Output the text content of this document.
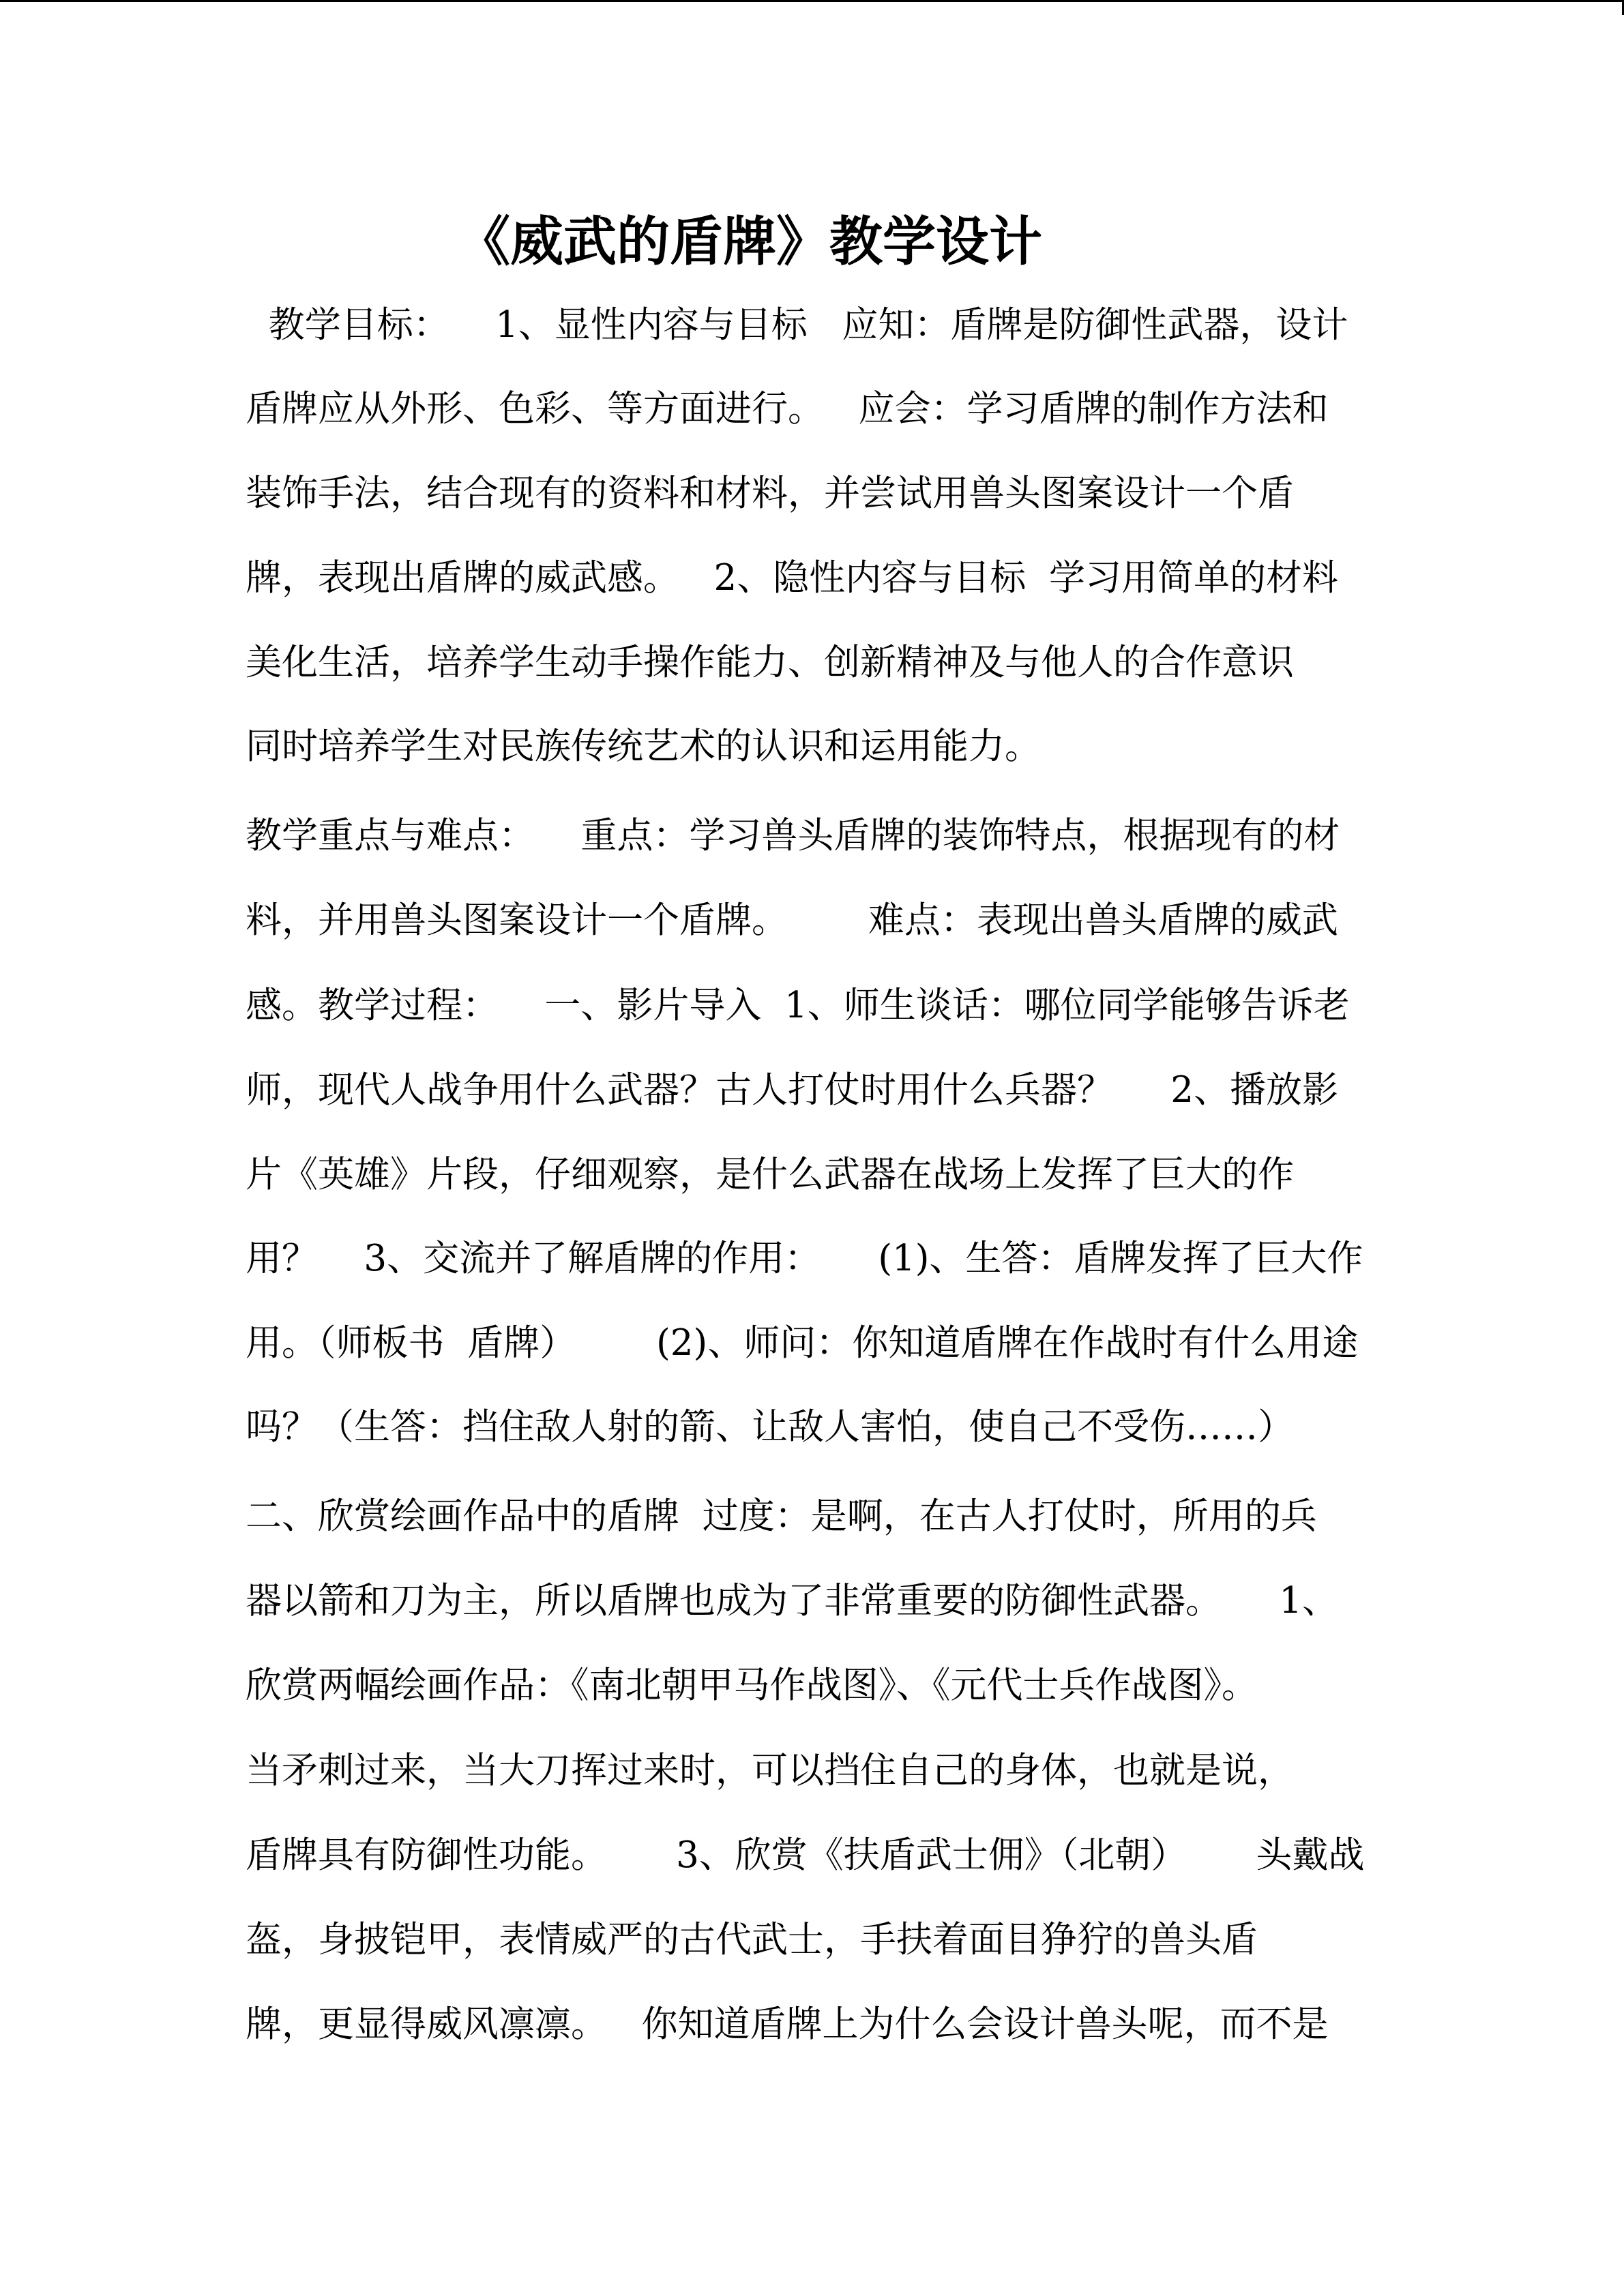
《威武的盾牌》教学设计
教学目标：    1、显性内容与目标   应知：盾牌是防御性武器，设计
盾牌应从外形、色彩、等方面进行。   应会：学习盾牌的制作方法和
装饰手法，结合现有的资料和材料，并尝试用兽头图案设计一个盾
牌，表现出盾牌的威武感。   2、隐性内容与目标  学习用简单的材料
美化生活，培养学生动手操作能力、创新精神及与他人的合作意识
同时培养学生对民族传统艺术的认识和运用能力。
教学重点与难点：    重点：学习兽头盾牌的装饰特点，根据现有的材
料，并用兽头图案设计一个盾牌。       难点：表现出兽头盾牌的威武
感。教学过程：    一、影片导入  1、师生谈话：哪位同学能够告诉老
师，现代人战争用什么武器？古人打仗时用什么兵器？     2、播放影
片《英雄》片段，仔细观察，是什么武器在战场上发挥了巨大的作
用？    3、交流并了解盾牌的作用：     (1)、生答：盾牌发挥了巨大作
用。（师板书  盾牌）       (2)、师问：你知道盾牌在作战时有什么用途
吗？（生答：挡住敌人射的箭、让敌人害怕，使自己不受伤……）
二、欣赏绘画作品中的盾牌  过度：是啊，在古人打仗时，所用的兵
器以箭和刀为主，所以盾牌也成为了非常重要的防御性武器。     1、
欣赏两幅绘画作品：《南北朝甲马作战图》、《元代士兵作战图》。
当矛刺过来，当大刀挥过来时，可以挡住自己的身体，也就是说，
盾牌具有防御性功能。      3、欣赏《扶盾武士佣》（北朝）      头戴战
盔，身披铠甲，表情威严的古代武士，手扶着面目狰狞的兽头盾
牌，更显得威风凛凛。   你知道盾牌上为什么会设计兽头呢，而不是
